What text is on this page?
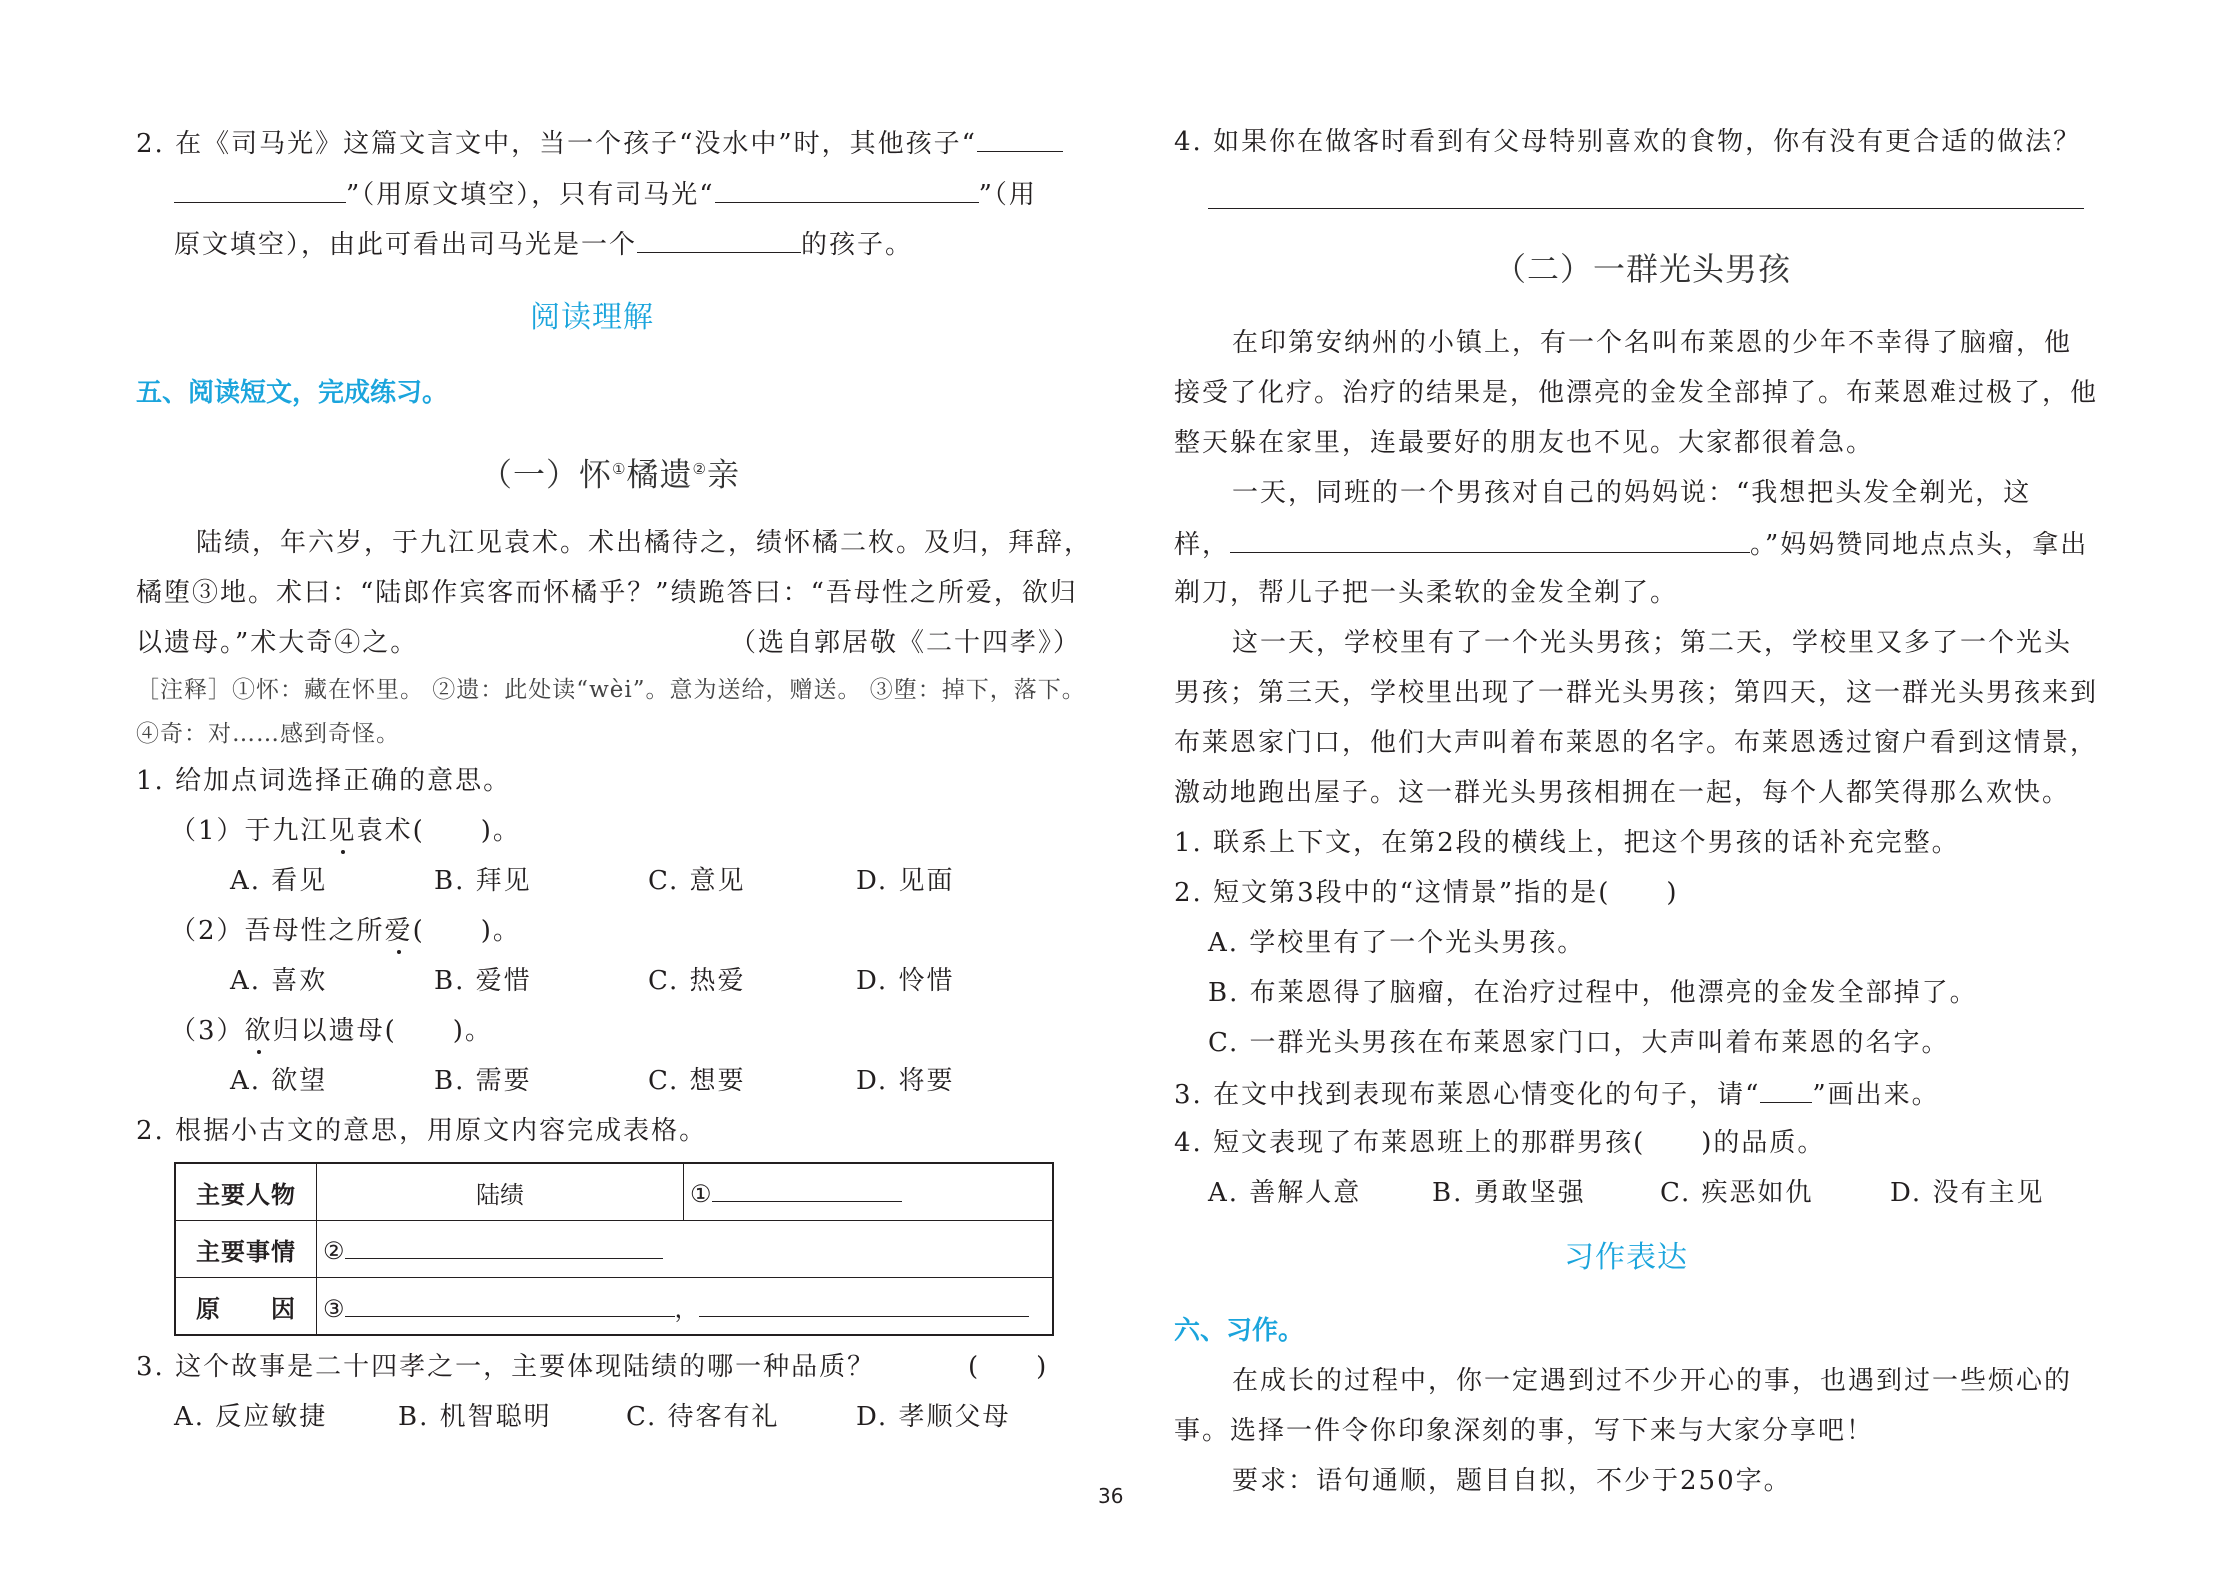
2. 在《司马光》这篇文言文中，当一个孩子“没水中”时，其他孩子“
”（用原文填空），只有司马光“	”（用
原文填空），由此可看出司马光是一个	的孩子。
阅读理解
五、阅读短文，完成练习。
（一）怀①橘遗②亲
陆绩，年六岁，于九江见袁术。术出橘待之，绩怀橘二枚。及归，拜辞，
橘堕③地。术曰：“陆郎作宾客而怀橘乎？”绩跪答曰：“吾母性之所爱，欲归
以遗母。”术大奇④之。	（选自郭居敬《二十四孝》）
［注释］①怀：藏在怀里。 ②遗：此处读“wèi”。意为送给，赠送。 ③堕：掉下，落下。
④奇：对……感到奇怪。
1. 给加点词选择正确的意思。
（1）于九江见袁术(　　)。
A. 看见	B. 拜见	C. 意见	D. 见面
（2）吾母性之所爱(　　)。
A. 喜欢	B. 爱惜	C. 热爱	D. 怜惜
（3）欲归以遗母(　　)。
A. 欲望	B. 需要	C. 想要	D. 将要
2. 根据小古文的意思，用原文内容完成表格。
主要人物	陆绩	①
主要事情	②	
原　　因	③ ，	
3. 这个故事是二十四孝之一，主要体现陆绩的哪一种品质？	(　　)
A. 反应敏捷	B. 机智聪明	C. 待客有礼	D. 孝顺父母
4. 如果你在做客时看到有父母特别喜欢的食物，你有没有更合适的做法？
（二）一群光头男孩
在印第安纳州的小镇上，有一个名叫布莱恩的少年不幸得了脑瘤，他
接受了化疗。治疗的结果是，他漂亮的金发全部掉了。布莱恩难过极了，他
整天躲在家里，连最要好的朋友也不见。大家都很着急。
一天，同班的一个男孩对自己的妈妈说：“我想把头发全剃光，这
样，	。”妈妈赞同地点点头，拿出
剃刀，帮儿子把一头柔软的金发全剃了。
这一天，学校里有了一个光头男孩；第二天，学校里又多了一个光头
男孩；第三天，学校里出现了一群光头男孩；第四天，这一群光头男孩来到
布莱恩家门口，他们大声叫着布莱恩的名字。布莱恩透过窗户看到这情景，
激动地跑出屋子。这一群光头男孩相拥在一起，每个人都笑得那么欢快。
1. 联系上下文，在第2段的横线上，把这个男孩的话补充完整。
2. 短文第3段中的“这情景”指的是(　　)
A. 学校里有了一个光头男孩。
B. 布莱恩得了脑瘤，在治疗过程中，他漂亮的金发全部掉了。
C. 一群光头男孩在布莱恩家门口，大声叫着布莱恩的名字。
3. 在文中找到表现布莱恩心情变化的句子，请“ ”画出来。
4. 短文表现了布莱恩班上的那群男孩(　　)的品质。
A. 善解人意	B. 勇敢坚强	C. 疾恶如仇	D. 没有主见
习作表达
六、习作。
在成长的过程中，你一定遇到过不少开心的事，也遇到过一些烦心的
事。选择一件令你印象深刻的事，写下来与大家分享吧！
要求：语句通顺，题目自拟，不少于250字。
36
